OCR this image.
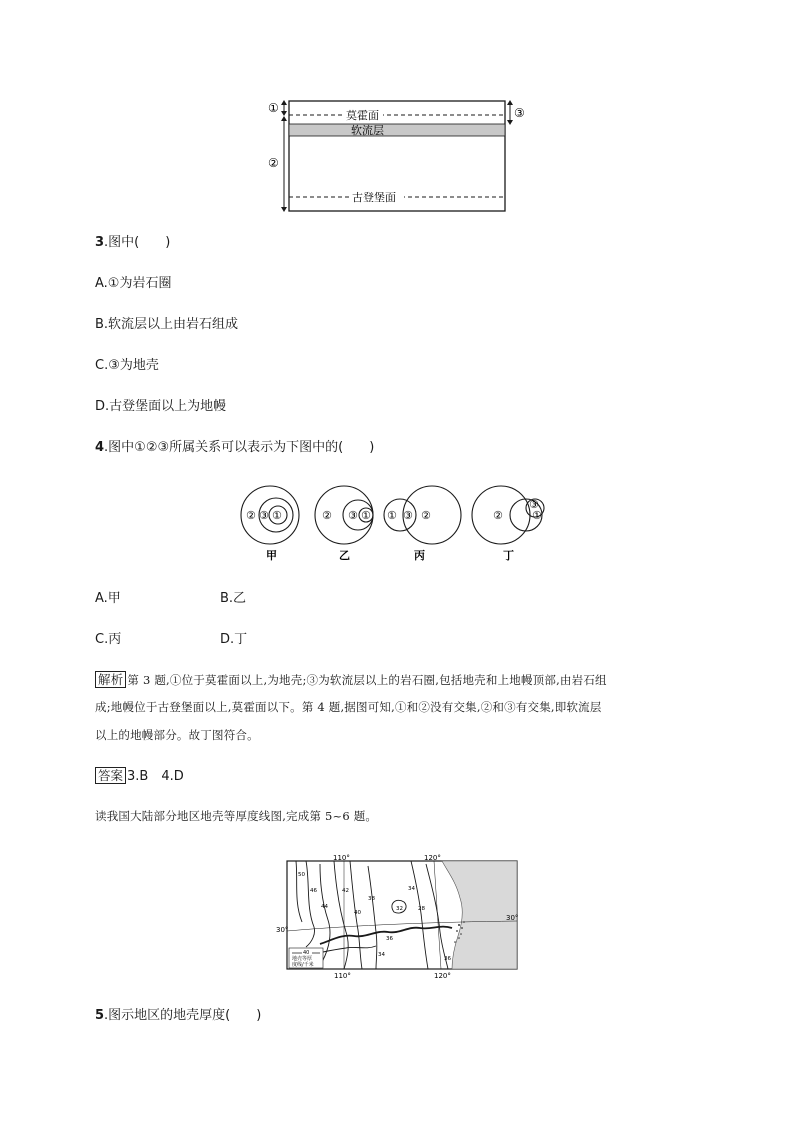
①
②
③
莫霍面
软流层
古登堡面
3.图中(　　)
A.①为岩石圈
B.软流层以上由岩石组成
C.③为地壳
D.古登堡面以上为地幔
4.图中①②③所属关系可以表示为下图中的(　　)
② ③ ①	② ③ ① ① ③ ②	②
③
①
甲	乙	丙	丁
A.甲	B.乙
C.丙	D.丁
解析 第 3 题,①位于莫霍面以上,为地壳;③为软流层以上的岩石圈,包括地壳和上地幔顶部,由岩石组
成;地幔位于古登堡面以上,莫霍面以下。第 4 题,据图可知,①和②没有交集,②和③有交集,即软流层
以上的地幔部分。故丁图符合。
答案 3.B　4.D
读我国大陆部分地区地壳等厚度线图,完成第 5~6 题。
110°	120°
110°	120°
30°
30°
50
46
44
42
40
38
36
34
32	28
34
36
40
地壳等厚
度线/千米
5.图示地区的地壳厚度(　　)
